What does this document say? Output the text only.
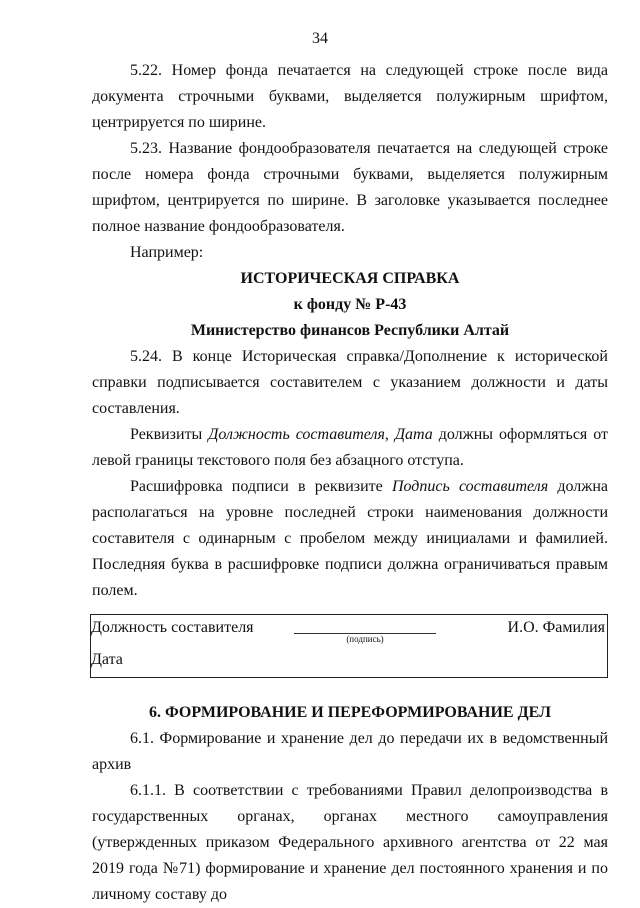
34

5.22. Номер фонда печатается на следующей строке после вида документа строчными буквами, выделяется полужирным шрифтом, центрируется по ширине.

5.23. Название фондообразователя печатается на следующей строке после номера фонда строчными буквами, выделяется полужирным шрифтом, центрируется по ширине. В заголовке указывается последнее полное название фондообразователя.

Например:

ИСТОРИЧЕСКАЯ СПРАВКА

к фонду № Р-43

Министерство финансов Республики Алтай

5.24. В конце Историческая справка/Дополнение к исторической справки подписывается составителем с указанием должности и даты составления.

Реквизиты Должность составителя, Дата должны оформляться от левой границы текстового поля без абзацного отступа.

Расшифровка подписи в реквизите Подпись составителя должна располагаться на уровне последней строки наименования должности составителя с одинарным с пробелом между инициалами и фамилией. Последняя буква в расшифровке подписи должна ограничиваться правым полем.

Должность составителя
(подпись)
И.О. Фамилия
Дата

6. ФОРМИРОВАНИЕ И ПЕРЕФОРМИРОВАНИЕ ДЕЛ

6.1. Формирование и хранение дел до передачи их в ведомственный архив

6.1.1. В соответствии с требованиями Правил делопроизводства в государственных органах, органах местного самоуправления (утвержденных приказом Федерального архивного агентства от 22 мая 2019 года №71) формирование и хранение дел постоянного хранения и по личному составу до
